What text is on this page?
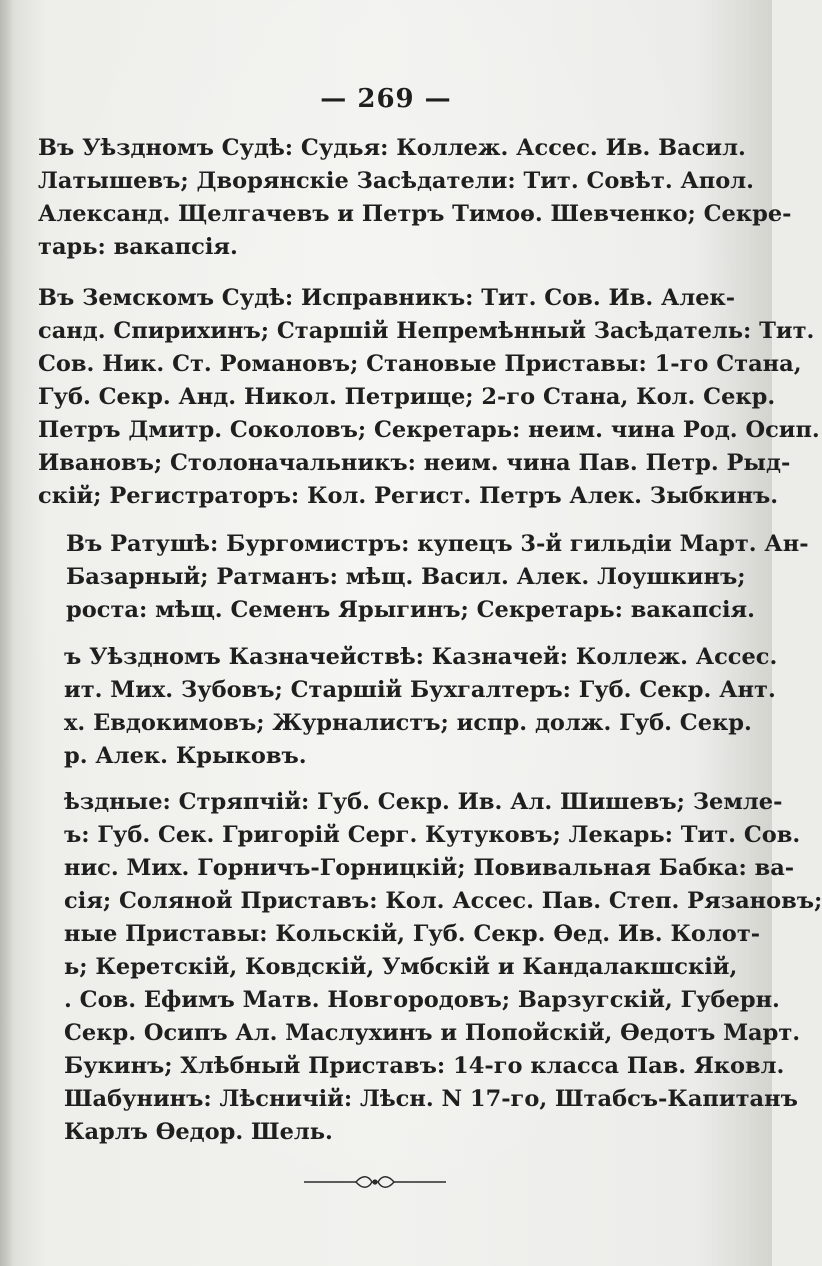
— 269 —
Въ Уѣздномъ Судѣ: Судья: Коллеж. Ассес. Ив. Васил.
Латышевъ; Дворянскіе Засѣдатели: Тит. Совѣт. Апол.
Александ. Щелгачевъ и Петръ Тимоѳ. Шевченко; Секре-
тарь: вакапсія.
Въ Земскомъ Судѣ: Исправникъ: Тит. Сов. Ив. Алек-
санд. Спирихинъ; Старшій Непремѣнный Засѣдатель: Тит.
Сов. Ник. Ст. Романовъ; Становые Приставы: 1-го Стана,
Губ. Секр. Анд. Никол. Петрище; 2-го Стана, Кол. Секр.
Петръ Дмитр. Соколовъ; Секретарь: неим. чина Род. Осип.
Ивановъ; Столоначальникъ: неим. чина Пав. Петр. Рыд-
скій; Регистраторъ: Кол. Регист. Петръ Алек. Зыбкинъ.
Въ Ратушѣ: Бургомистръ: купецъ 3-й гильдіи Март. Ан-
Базарный; Ратманъ: мѣщ. Васил. Алек. Лоушкинъ;
роста: мѣщ. Семенъ Ярыгинъ; Секретарь: вакапсія.
ъ Уѣздномъ Казначействѣ: Казначей: Коллеж. Ассес.
ит. Мих. Зубовъ; Старшій Бухгалтеръ: Губ. Секр. Ант.
х. Евдокимовъ; Журналистъ; испр. долж. Губ. Секр.
р. Алек. Крыковъ.
ѣздные: Стряпчій: Губ. Секр. Ив. Ал. Шишевъ; Земле-
ъ: Губ. Сек. Григорій Серг. Кутуковъ; Лекарь: Тит. Сов.
нис. Мих. Горничъ-Горницкій; Повивальная Бабка: ва-
сія; Соляной Приставъ: Кол. Ассес. Пав. Степ. Рязановъ;
ные Приставы: Кольскій, Губ. Секр. Ѳед. Ив. Колот-
ь; Керетскій, Ковдскій, Умбскій и Кандалакшскій,
. Сов. Ефимъ Матв. Новгородовъ; Варзугскій, Губерн.
Секр. Осипъ Ал. Маслухинъ и Попойскій, Ѳедотъ Март.
Букинъ; Хлѣбный Приставъ: 14-го класса Пав. Яковл.
Шабунинъ: Лѣсничій: Лѣсн. N 17-го, Штабсъ-Капитанъ
Карлъ Ѳедор. Шель.
